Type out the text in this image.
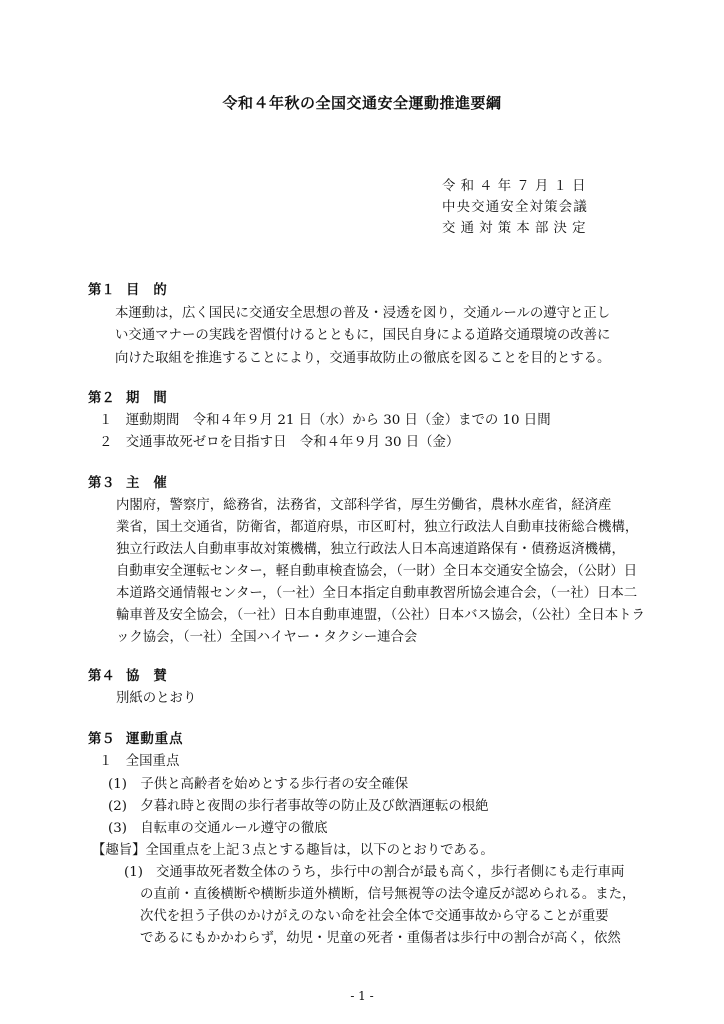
令和４年秋の全国交通安全運動推進要綱
令和４年７月１日
中央交通安全対策会議
交通対策本部決定
第１ 目的
本運動は，広く国民に交通安全思想の普及・浸透を図り，交通ルールの遵守と正し
い交通マナーの実践を習慣付けるとともに，国民自身による道路交通環境の改善に
向けた取組を推進することにより，交通事故防止の徹底を図ることを目的とする。
第２ 期間
１　運動期間　令和４年９月 21 日（水）から 30 日（金）までの 10 日間
２　交通事故死ゼロを目指す日　令和４年９月 30 日（金）
第３ 主催
内閣府，警察庁，総務省，法務省，文部科学省，厚生労働省，農林水産省，経済産
業省，国土交通省，防衛省，都道府県，市区町村，独立行政法人自動車技術総合機構，
独立行政法人自動車事故対策機構，独立行政法人日本高速道路保有・債務返済機構，
自動車安全運転センター，軽自動車検査協会，（一財）全日本交通安全協会，（公財）日
本道路交通情報センター，（一社）全日本指定自動車教習所協会連合会，（一社）日本二
輪車普及安全協会，（一社）日本自動車連盟，（公社）日本バス協会，（公社）全日本トラ
ック協会，（一社）全国ハイヤー・タクシー連合会
第４ 協賛
別紙のとおり
第５ 運動重点
１　全国重点
(1)　子供と高齢者を始めとする歩行者の安全確保
(2)　夕暮れ時と夜間の歩行者事故等の防止及び飲酒運転の根絶
(3)　自転車の交通ルール遵守の徹底
【趣旨】全国重点を上記３点とする趣旨は，以下のとおりである。
(1) 交通事故死者数全体のうち，歩行中の割合が最も高く，歩行者側にも走行車両
の直前・直後横断や横断歩道外横断，信号無視等の法令違反が認められる。また，
次代を担う子供のかけがえのない命を社会全体で交通事故から守ることが重要
であるにもかかわらず，幼児・児童の死者・重傷者は歩行中の割合が高く，依然
- 1 -
